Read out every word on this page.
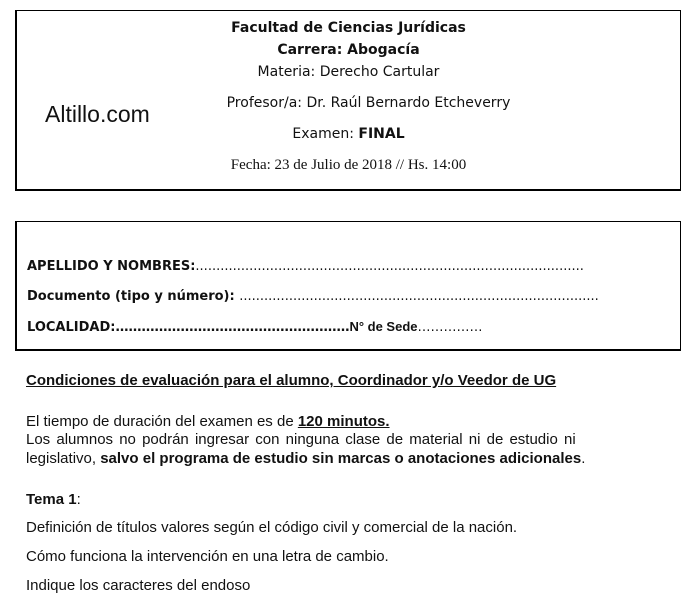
Facultad de Ciencias Jurídicas
Carrera: Abogacía
Materia: Derecho Cartular
Profesor/a: Dr. Raúl Bernardo Etcheverry
Examen: FINAL
Fecha: 23 de Julio de 2018 // Hs. 14:00
Altillo.com
APELLIDO Y NOMBRES:..............................................................................................
Documento (tipo y número): .......................................................................................
LOCALIDAD:………………………………………………N° de Sede……………
Condiciones de evaluación para el alumno, Coordinador y/o Veedor de UG
El tiempo de duración del examen es de 120 minutos.
Los alumnos no podrán ingresar con ninguna clase de material ni de estudio ni
legislativo, salvo el programa de estudio sin marcas o anotaciones adicionales.
Tema 1:
Definición de títulos valores según el código civil y comercial de la nación.
Cómo funciona la intervención en una letra de cambio.
Indique los caracteres del endoso
